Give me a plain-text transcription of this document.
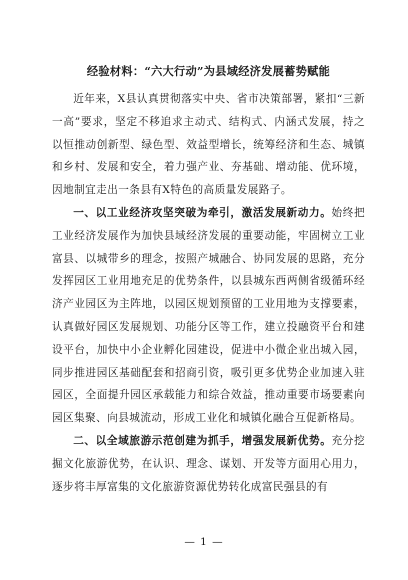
经验材料：“六大行动”为县域经济发展蓄势赋能

近年来，X县认真贯彻落实中央、省市决策部署，紧扣“三新一高”要求，坚定不移追求主动式、结构式、内涵式发展，持之以恒推动创新型、绿色型、效益型增长，统筹经济和生态、城镇和乡村、发展和安全，着力强产业、夯基础、增动能、优环境，因地制宜走出一条县有X特色的高质量发展路子。

一、以工业经济攻坚突破为牵引，激活发展新动力。始终把工业经济发展作为加快县域经济发展的重要动能，牢固树立工业富县、以城带乡的理念，按照产城融合、协同发展的思路，充分发挥园区工业用地充足的优势条件，以县城东西两侧省级循环经济产业园区为主阵地，以园区规划预留的工业用地为支撑要素，认真做好园区发展规划、功能分区等工作，建立投融资平台和建设平台，加快中小企业孵化园建设，促进中小微企业出城入园，同步推进园区基础配套和招商引资，吸引更多优势企业加速入驻园区，全面提升园区承载能力和综合效益，推动重要市场要素向园区集聚、向县城流动，形成工业化和城镇化融合互促新格局。

二、以全域旅游示范创建为抓手，增强发展新优势。充分挖掘文化旅游优势，在认识、理念、谋划、开发等方面用心用力，逐步将丰厚富集的文化旅游资源优势转化成富民强县的有

— 1 —
